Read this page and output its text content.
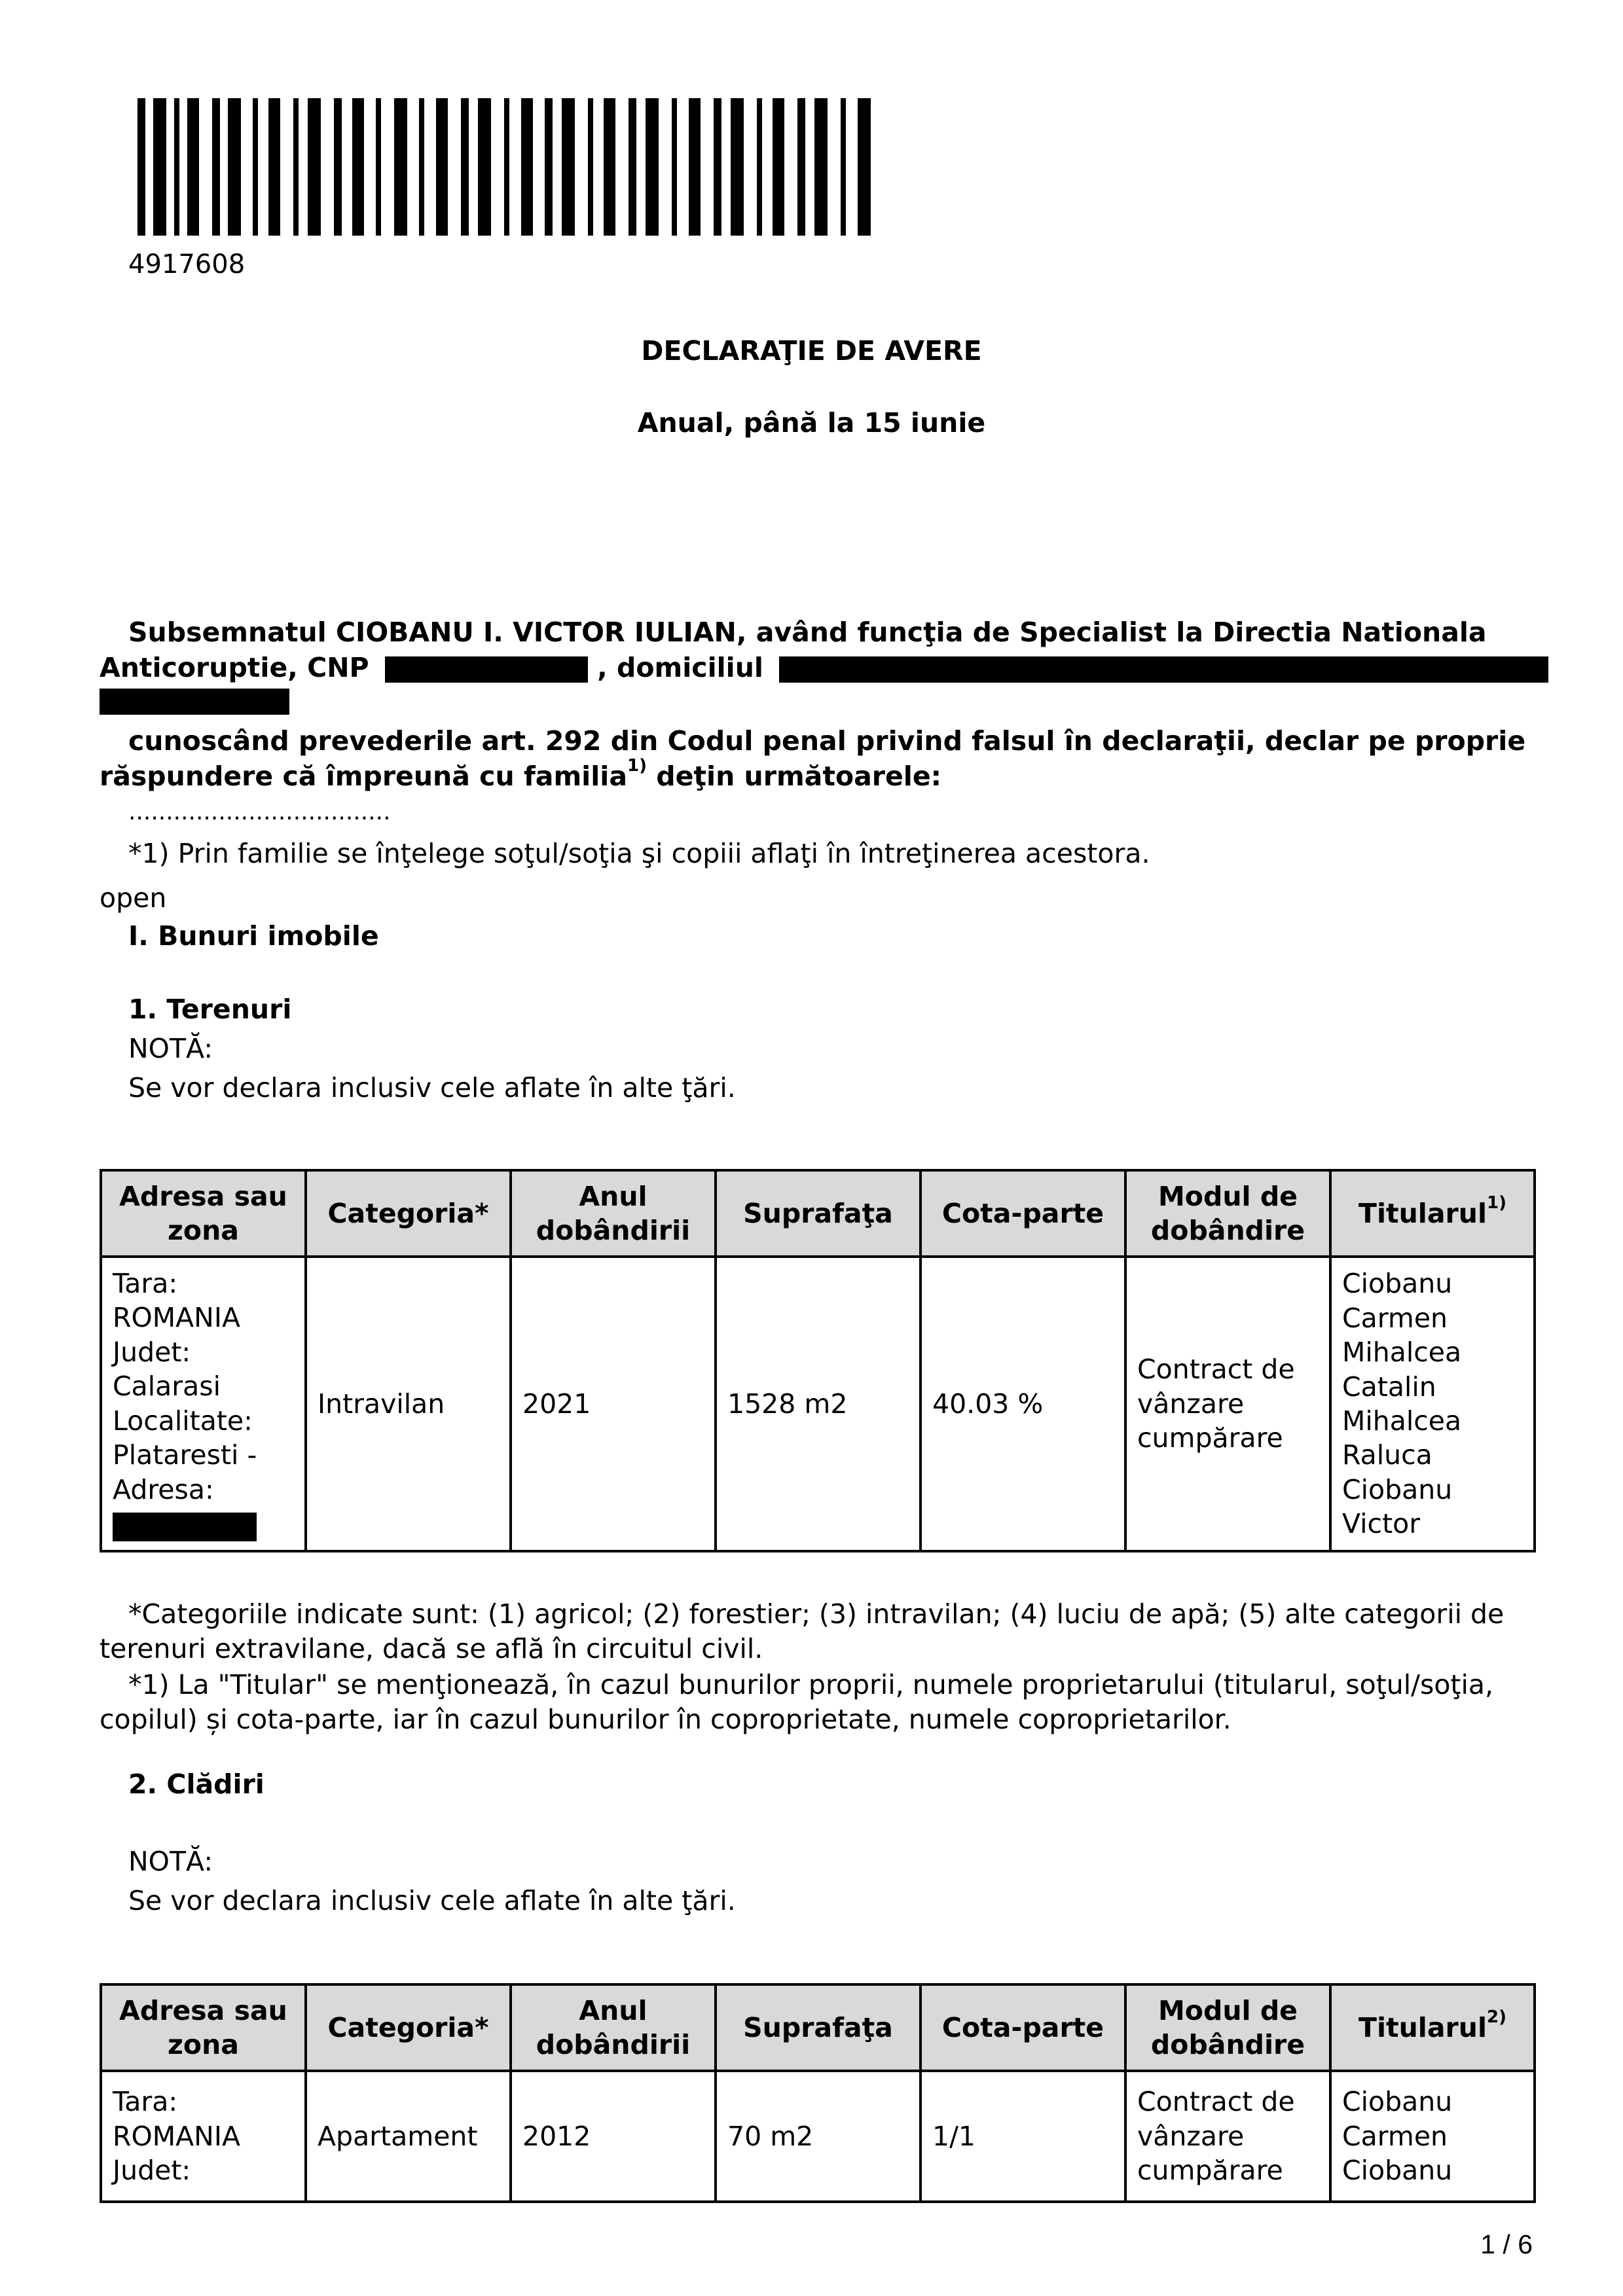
4917608
DECLARAŢIE DE AVERE
Anual, până la 15 iunie
Subsemnatul CIOBANU I. VICTOR IULIAN, având funcţia de Specialist la Directia Nationala
Anticoruptie, CNP	, domiciliul
cunoscând prevederile art. 292 din Codul penal privind falsul în declaraţii, declar pe proprie
răspundere că împreună cu familia$^{1)}$ deţin următoarele:
...................................
*1) Prin familie se înţelege soţul/soţia şi copiii aflaţi în întreţinerea acestora.
open
I. Bunuri imobile
1. Terenuri
NOTĂ:
Se vor declara inclusiv cele aflate în alte ţări.
Adresa sau zona	Categoria*	Anul dobândirii	Suprafaţa	Cota-parte	Modul de dobândire	Titularul$^{1)}$

Tara: ROMANIA Judet: Calarasi Localitate: Plataresti - Adresa:	Intravilan	2021	1528 m2	40.03 %	Contract de vânzare cumpărare	Ciobanu Carmen Mihalcea Catalin Mihalcea Raluca Ciobanu Victor
*Categoriile indicate sunt: (1) agricol; (2) forestier; (3) intravilan; (4) luciu de apă; (5) alte categorii de terenuri extravilane, dacă se află în circuitul civil.
*1) La "Titular" se menţionează, în cazul bunurilor proprii, numele proprietarului (titularul, soţul/soţia, copilul) și cota-parte, iar în cazul bunurilor în coproprietate, numele coproprietarilor.
2. Clădiri
NOTĂ:
Se vor declara inclusiv cele aflate în alte ţări.
Adresa sau zona	Categoria*	Anul dobândirii	Suprafaţa	Cota-parte	Modul de dobândire	Titularul$^{2)}$
Tara: ROMANIA Judet:	Apartament	2012	70 m2	1/1	Contract de vânzare cumpărare	Ciobanu Carmen Ciobanu
1 / 6
